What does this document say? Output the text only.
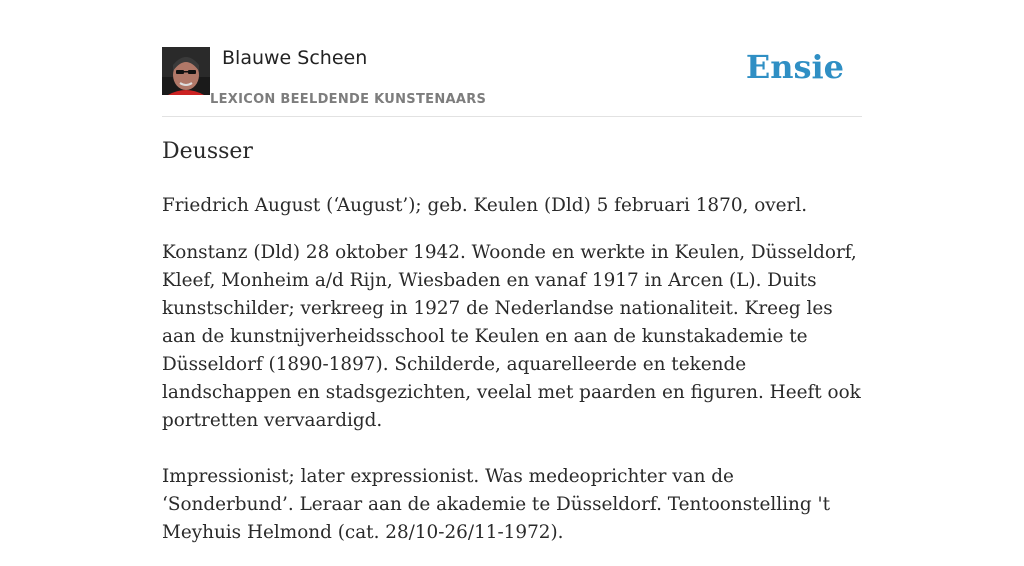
Blauwe Scheen
LEXICON BEELDENDE KUNSTENAARS
Ensie
Deusser

Friedrich August (‘August’); geb. Keulen (Dld) 5 februari 1870, overl.

Konstanz (Dld) 28 oktober 1942. Woonde en werkte in Keulen, Düsseldorf, Kleef, Monheim a/d Rijn, Wiesbaden en vanaf 1917 in Arcen (L). Duits kunstschilder; verkreeg in 1927 de Nederlandse nationaliteit. Kreeg les aan de kunstnijverheidsschool te Keulen en aan de kunstakademie te Düsseldorf (1890-1897). Schilderde, aquarelleerde en tekende landschappen en stadsgezichten, veelal met paarden en figuren. Heeft ook portretten vervaardigd.

Impressionist; later expressionist. Was medeoprichter van de ‘Sonderbund’. Leraar aan de akademie te Düsseldorf. Tentoonstelling 't Meyhuis Helmond (cat. 28/10-26/11-1972).
